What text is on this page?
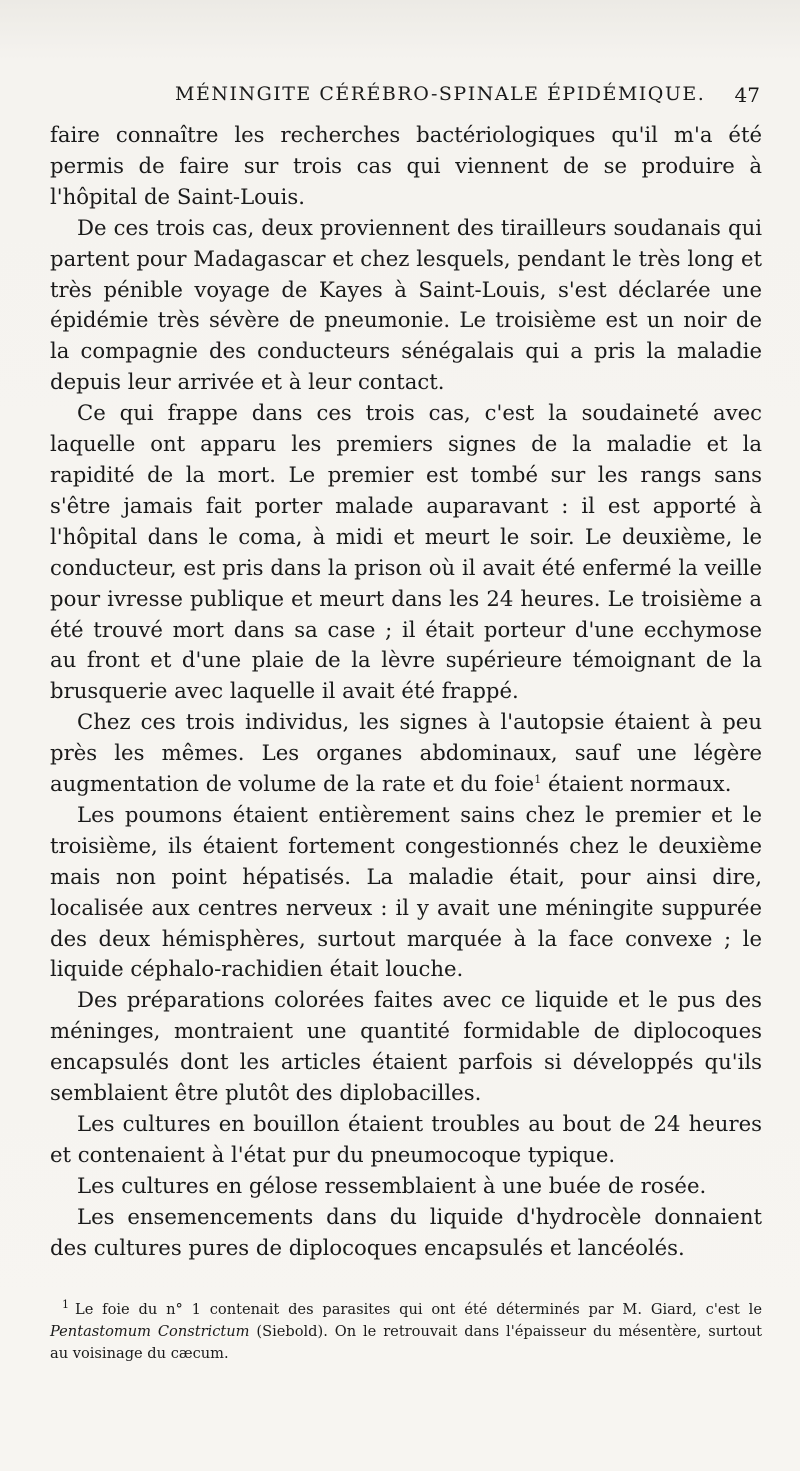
MÉNINGITE CÉRÉBRO-SPINALE ÉPIDÉMIQUE. 47

faire connaître les recherches bactériologiques qu'il m'a été permis de faire sur trois cas qui viennent de se produire à l'hôpital de Saint-Louis.

De ces trois cas, deux proviennent des tirailleurs soudanais qui partent pour Madagascar et chez lesquels, pendant le très long et très pénible voyage de Kayes à Saint-Louis, s'est déclarée une épidémie très sévère de pneumonie. Le troisième est un noir de la compagnie des conducteurs sénégalais qui a pris la maladie depuis leur arrivée et à leur contact.

Ce qui frappe dans ces trois cas, c'est la soudaineté avec laquelle ont apparu les premiers signes de la maladie et la rapidité de la mort. Le premier est tombé sur les rangs sans s'être jamais fait porter malade auparavant : il est apporté à l'hôpital dans le coma, à midi et meurt le soir. Le deuxième, le conducteur, est pris dans la prison où il avait été enfermé la veille pour ivresse publique et meurt dans les 24 heures. Le troisième a été trouvé mort dans sa case ; il était porteur d'une ecchymose au front et d'une plaie de la lèvre supérieure témoignant de la brusquerie avec laquelle il avait été frappé.

Chez ces trois individus, les signes à l'autopsie étaient à peu près les mêmes. Les organes abdominaux, sauf une légère augmentation de volume de la rate et du foie$^1$ étaient normaux.

Les poumons étaient entièrement sains chez le premier et le troisième, ils étaient fortement congestionnés chez le deuxième mais non point hépatisés. La maladie était, pour ainsi dire, localisée aux centres nerveux : il y avait une méningite suppurée des deux hémisphères, surtout marquée à la face convexe ; le liquide céphalo-rachidien était louche.

Des préparations colorées faites avec ce liquide et le pus des méninges, montraient une quantité formidable de diplocoques encapsulés dont les articles étaient parfois si développés qu'ils semblaient être plutôt des diplobacilles.

Les cultures en bouillon étaient troubles au bout de 24 heures et contenaient à l'état pur du pneumocoque typique.

Les cultures en gélose ressemblaient à une buée de rosée.

Les ensemencements dans du liquide d'hydrocèle donnaient des cultures pures de diplocoques encapsulés et lancéolés.

$^1$ Le foie du n° 1 contenait des parasites qui ont été déterminés par M. Giard, c'est le Pentastomum Constrictum (Siebold). On le retrouvait dans l'épaisseur du mésentère, surtout au voisinage du cæcum.
